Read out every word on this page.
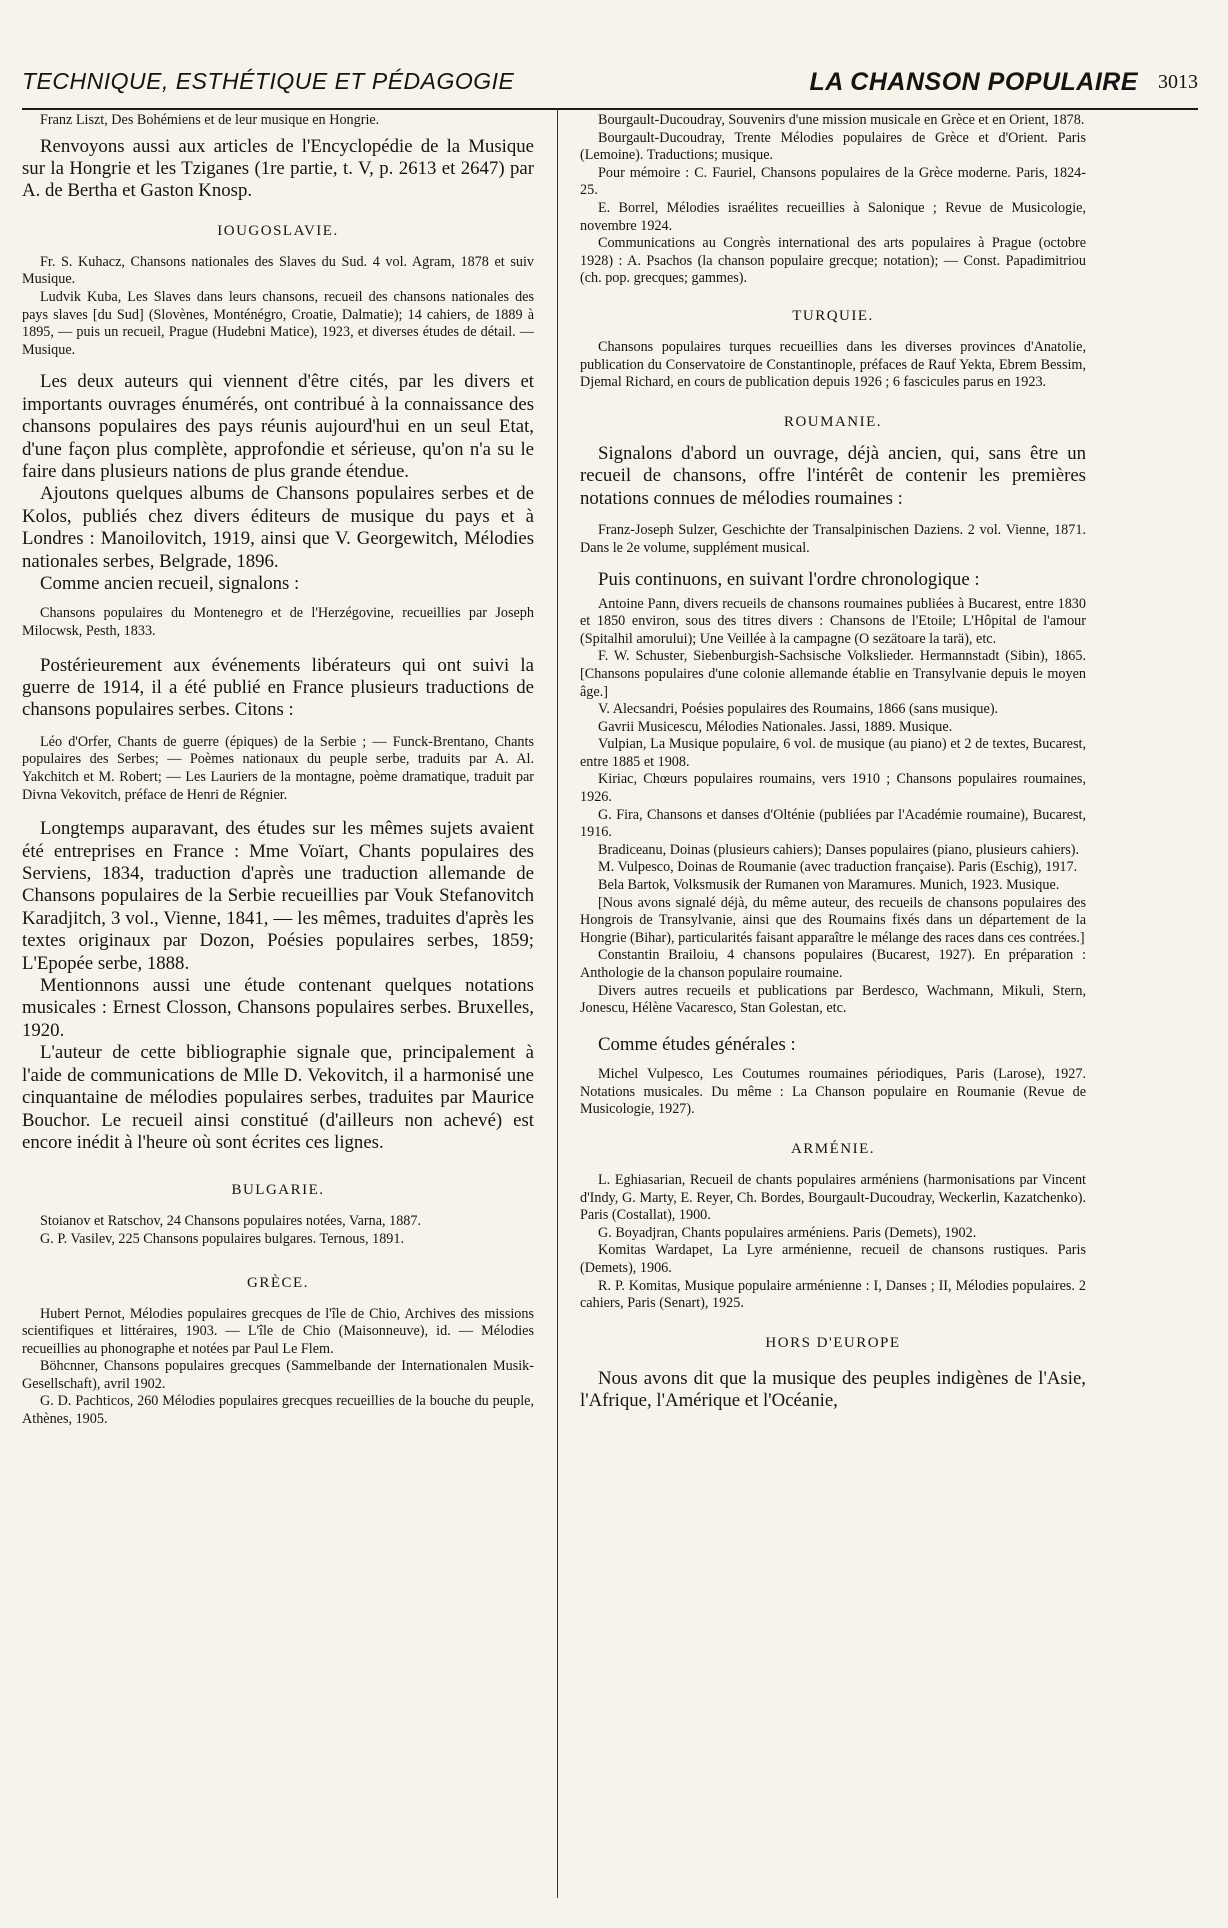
TECHNIQUE, ESTHÉTIQUE ET PÉDAGOGIE	LA CHANSON POPULAIRE 3013

Franz Liszt, Des Bohémiens et de leur musique en Hongrie.

Renvoyons aussi aux articles de l'Encyclopédie de la Musique sur la Hongrie et les Tziganes (1re partie, t. V, p. 2613 et 2647) par A. de Bertha et Gaston Knosp.

IOUGOSLAVIE.

Fr. S. Kuhacz, Chansons nationales des Slaves du Sud. 4 vol. Agram, 1878 et suiv Musique.

Ludvik Kuba, Les Slaves dans leurs chansons, recueil des chansons nationales des pays slaves [du Sud] (Slovènes, Monténégro, Croatie, Dalmatie); 14 cahiers, de 1889 à 1895, — puis un recueil, Prague (Hudebni Matice), 1923, et diverses études de détail. — Musique.

Les deux auteurs qui viennent d'être cités, par les divers et importants ouvrages énumérés, ont contribué à la connaissance des chansons populaires des pays réunis aujourd'hui en un seul Etat, d'une façon plus complète, approfondie et sérieuse, qu'on n'a su le faire dans plusieurs nations de plus grande étendue.

Ajoutons quelques albums de Chansons populaires serbes et de Kolos, publiés chez divers éditeurs de musique du pays et à Londres : Manoilovitch, 1919, ainsi que V. Georgewitch, Mélodies nationales serbes, Belgrade, 1896.

Comme ancien recueil, signalons :

Chansons populaires du Montenegro et de l'Herzégovine, recueillies par Joseph Milocwsk, Pesth, 1833.

Postérieurement aux événements libérateurs qui ont suivi la guerre de 1914, il a été publié en France plusieurs traductions de chansons populaires serbes. Citons :

Léo d'Orfer, Chants de guerre (épiques) de la Serbie ; — Funck-Brentano, Chants populaires des Serbes; — Poèmes nationaux du peuple serbe, traduits par A. Al. Yakchitch et M. Robert; — Les Lauriers de la montagne, poème dramatique, traduit par Divna Vekovitch, préface de Henri de Régnier.

Longtemps auparavant, des études sur les mêmes sujets avaient été entreprises en France : Mme Voïart, Chants populaires des Serviens, 1834, traduction d'après une traduction allemande de Chansons populaires de la Serbie recueillies par Vouk Stefanovitch Karadjitch, 3 vol., Vienne, 1841, — les mêmes, traduites d'après les textes originaux par Dozon, Poésies populaires serbes, 1859; L'Epopée serbe, 1888.

Mentionnons aussi une étude contenant quelques notations musicales : Ernest Closson, Chansons populaires serbes. Bruxelles, 1920.

L'auteur de cette bibliographie signale que, principalement à l'aide de communications de Mlle D. Vekovitch, il a harmonisé une cinquantaine de mélodies populaires serbes, traduites par Maurice Bouchor. Le recueil ainsi constitué (d'ailleurs non achevé) est encore inédit à l'heure où sont écrites ces lignes.

BULGARIE.

Stoianov et Ratschov, 24 Chansons populaires notées, Varna, 1887.

G. P. Vasilev, 225 Chansons populaires bulgares. Ternous, 1891.

GRÈCE.

Hubert Pernot, Mélodies populaires grecques de l'île de Chio, Archives des missions scientifiques et littéraires, 1903. — L'île de Chio (Maisonneuve), id. — Mélodies recueillies au phonographe et notées par Paul Le Flem.

Böhcnner, Chansons populaires grecques (Sammelbande der Internationalen Musik-Gesellschaft), avril 1902.

G. D. Pachticos, 260 Mélodies populaires grecques recueillies de la bouche du peuple, Athènes, 1905.

Bourgault-Ducoudray, Souvenirs d'une mission musicale en Grèce et en Orient, 1878.

Bourgault-Ducoudray, Trente Mélodies populaires de Grèce et d'Orient. Paris (Lemoine). Traductions; musique.

Pour mémoire : C. Fauriel, Chansons populaires de la Grèce moderne. Paris, 1824-25.

E. Borrel, Mélodies israélites recueillies à Salonique ; Revue de Musicologie, novembre 1924.

Communications au Congrès international des arts populaires à Prague (octobre 1928) : A. Psachos (la chanson populaire grecque; notation); — Const. Papadimitriou (ch. pop. grecques; gammes).

TURQUIE.

Chansons populaires turques recueillies dans les diverses provinces d'Anatolie, publication du Conservatoire de Constantinople, préfaces de Rauf Yekta, Ebrem Bessim, Djemal Richard, en cours de publication depuis 1926 ; 6 fascicules parus en 1923.

ROUMANIE.

Signalons d'abord un ouvrage, déjà ancien, qui, sans être un recueil de chansons, offre l'intérêt de contenir les premières notations connues de mélodies roumaines :

Franz-Joseph Sulzer, Geschichte der Transalpinischen Daziens. 2 vol. Vienne, 1871. Dans le 2e volume, supplément musical.

Puis continuons, en suivant l'ordre chronologique :

Antoine Pann, divers recueils de chansons roumaines publiées à Bucarest, entre 1830 et 1850 environ, sous des titres divers : Chansons de l'Etoile; L'Hôpital de l'amour (Spitalhil amorului); Une Veillée à la campagne (O sezätoare la tarä), etc.

F. W. Schuster, Siebenburgish-Sachsische Volkslieder. Hermannstadt (Sibin), 1865. [Chansons populaires d'une colonie allemande établie en Transylvanie depuis le moyen âge.]

V. Alecsandri, Poésies populaires des Roumains, 1866 (sans musique).

Gavrii Musicescu, Mélodies Nationales. Jassi, 1889. Musique.

Vulpian, La Musique populaire, 6 vol. de musique (au piano) et 2 de textes, Bucarest, entre 1885 et 1908.

Kiriac, Chœurs populaires roumains, vers 1910 ; Chansons populaires roumaines, 1926.

G. Fira, Chansons et danses d'Olténie (publiées par l'Académie roumaine), Bucarest, 1916.

Bradiceanu, Doinas (plusieurs cahiers); Danses populaires (piano, plusieurs cahiers).

M. Vulpesco, Doinas de Roumanie (avec traduction française). Paris (Eschig), 1917.

Bela Bartok, Volksmusik der Rumanen von Maramures. Munich, 1923. Musique.

[Nous avons signalé déjà, du même auteur, des recueils de chansons populaires des Hongrois de Transylvanie, ainsi que des Roumains fixés dans un département de la Hongrie (Bihar), particularités faisant apparaître le mélange des races dans ces contrées.]

Constantin Brailoiu, 4 chansons populaires (Bucarest, 1927). En préparation : Anthologie de la chanson populaire roumaine.

Divers autres recueils et publications par Berdesco, Wachmann, Mikuli, Stern, Jonescu, Hélène Vacaresco, Stan Golestan, etc.

Comme études générales :

Michel Vulpesco, Les Coutumes roumaines périodiques, Paris (Larose), 1927. Notations musicales. Du même : La Chanson populaire en Roumanie (Revue de Musicologie, 1927).

ARMÉNIE.

L. Eghiasarian, Recueil de chants populaires arméniens (harmonisations par Vincent d'Indy, G. Marty, E. Reyer, Ch. Bordes, Bourgault-Ducoudray, Weckerlin, Kazatchenko). Paris (Costallat), 1900.

G. Boyadjran, Chants populaires arméniens. Paris (Demets), 1902.

Komitas Wardapet, La Lyre arménienne, recueil de chansons rustiques. Paris (Demets), 1906.

R. P. Komitas, Musique populaire arménienne : I, Danses ; II, Mélodies populaires. 2 cahiers, Paris (Senart), 1925.

HORS D'EUROPE

Nous avons dit que la musique des peuples indigènes de l'Asie, l'Afrique, l'Amérique et l'Océanie,
